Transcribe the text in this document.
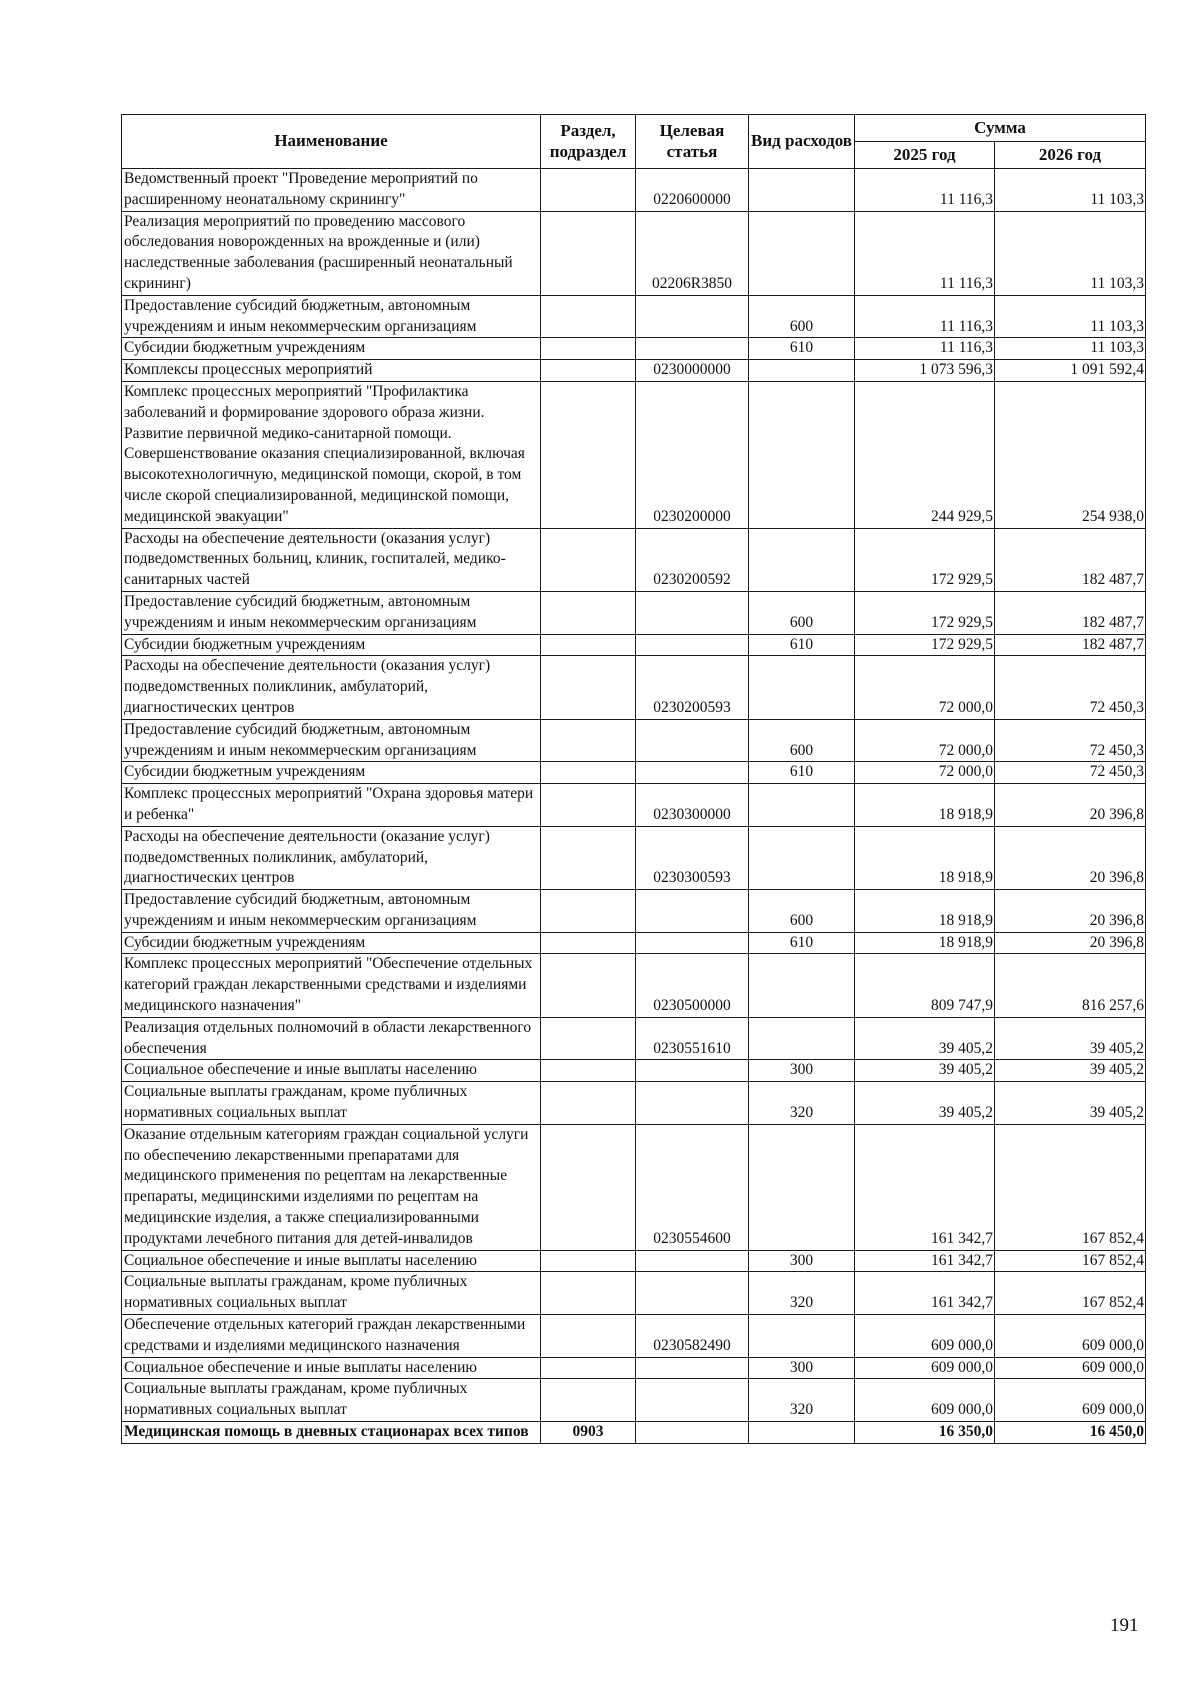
Наименование	Раздел, подраздел	Целевая статья	Вид расходов	Сумма	
				2025 год	2026 год
Ведомственный проект "Проведение мероприятий по расширенному неонатальному скринингу"		0220600000		11 116,3	11 103,3
Реализация мероприятий по проведению массового обследования новорожденных на врожденные и (или) наследственные заболевания (расширенный неонатальный скрининг)		02206R3850		11 116,3	11 103,3
Предоставление субсидий бюджетным, автономным учреждениям и иным некоммерческим организациям			600	11 116,3	11 103,3
Субсидии бюджетным учреждениям			610	11 116,3	11 103,3
Комплексы процессных мероприятий		0230000000		1 073 596,3	1 091 592,4
Комплекс процессных мероприятий "Профилактика заболеваний и формирование здорового образа жизни. Развитие первичной медико-санитарной помощи. Совершенствование оказания специализированной, включая высокотехнологичную, медицинской помощи, скорой, в том числе скорой специализированной, медицинской помощи, медицинской эвакуации"		0230200000		244 929,5	254 938,0
Расходы на обеспечение деятельности (оказания услуг) подведомственных больниц, клиник, госпиталей, медико-санитарных частей		0230200592		172 929,5	182 487,7
Предоставление субсидий бюджетным, автономным учреждениям и иным некоммерческим организациям			600	172 929,5	182 487,7
Субсидии бюджетным учреждениям			610	172 929,5	182 487,7
Расходы на обеспечение деятельности (оказания услуг) подведомственных поликлиник, амбулаторий, диагностических центров		0230200593		72 000,0	72 450,3
Предоставление субсидий бюджетным, автономным учреждениям и иным некоммерческим организациям			600	72 000,0	72 450,3
Субсидии бюджетным учреждениям			610	72 000,0	72 450,3
Комплекс процессных мероприятий "Охрана здоровья матери и ребенка"		0230300000		18 918,9	20 396,8
Расходы на обеспечение деятельности (оказание услуг) подведомственных поликлиник, амбулаторий, диагностических центров		0230300593		18 918,9	20 396,8
Предоставление субсидий бюджетным, автономным учреждениям и иным некоммерческим организациям			600	18 918,9	20 396,8
Субсидии бюджетным учреждениям			610	18 918,9	20 396,8
Комплекс процессных мероприятий "Обеспечение отдельных категорий граждан лекарственными средствами и изделиями медицинского назначения"		0230500000		809 747,9	816 257,6
Реализация отдельных полномочий в области лекарственного обеспечения		0230551610		39 405,2	39 405,2
Социальное обеспечение и иные выплаты населению			300	39 405,2	39 405,2
Социальные выплаты гражданам, кроме публичных нормативных социальных выплат			320	39 405,2	39 405,2
Оказание отдельным категориям граждан социальной услуги по обеспечению лекарственными препаратами для медицинского применения по рецептам на лекарственные препараты, медицинскими изделиями по рецептам на медицинские изделия, а также специализированными продуктами лечебного питания для детей-инвалидов		0230554600		161 342,7	167 852,4
Социальное обеспечение и иные выплаты населению			300	161 342,7	167 852,4
Социальные выплаты гражданам, кроме публичных нормативных социальных выплат			320	161 342,7	167 852,4
Обеспечение отдельных категорий граждан лекарственными средствами и изделиями медицинского назначения		0230582490		609 000,0	609 000,0
Социальное обеспечение и иные выплаты населению			300	609 000,0	609 000,0
Социальные выплаты гражданам, кроме публичных нормативных социальных выплат			320	609 000,0	609 000,0
Медицинская помощь в дневных стационарах всех типов	0903			16 350,0	16 450,0
191
